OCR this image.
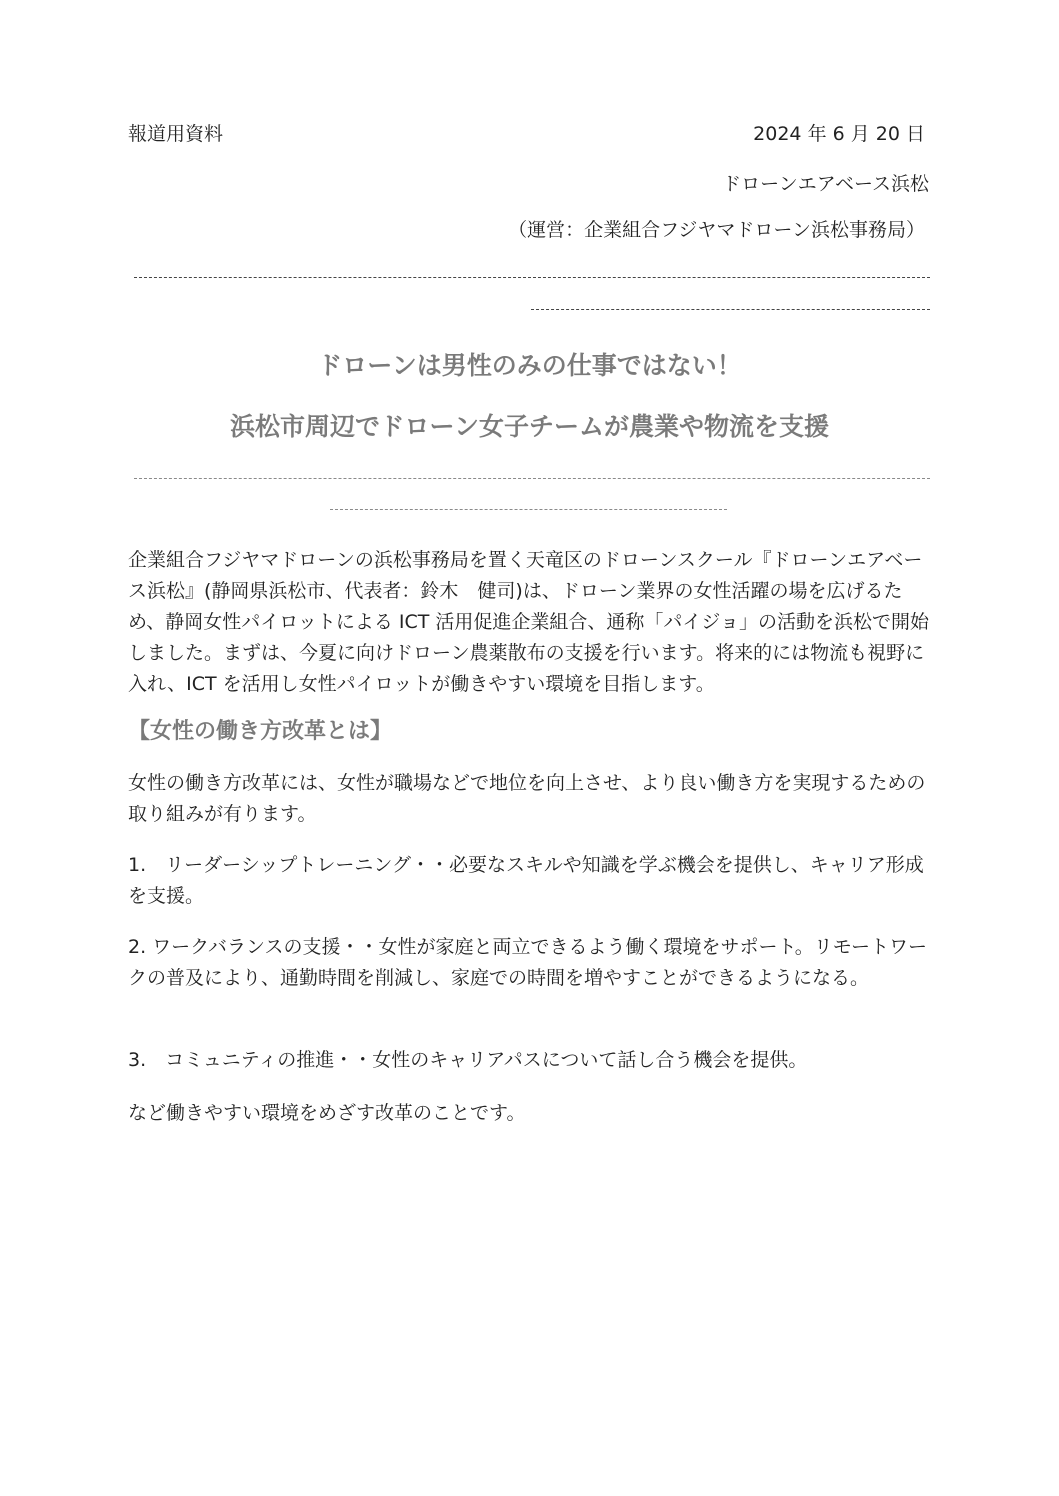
報道用資料	2024 年 6 月 20 日
ドローンエアベース浜松
（運営：企業組合フジヤマドローン浜松事務局）
ドローンは男性のみの仕事ではない！
浜松市周辺でドローン女子チームが農業や物流を支援
企業組合フジヤマドローンの浜松事務局を置く天竜区のドローンスクール『ドローンエアベース浜松』(静岡県浜松市、代表者：鈴木　健司)は、ドローン業界の女性活躍の場を広げるため、静岡女性パイロットによる ICT 活用促進企業組合、通称「パイジョ」の活動を浜松で開始しました。まずは、今夏に向けドローン農薬散布の支援を行います。将来的には物流も視野に入れ、ICT を活用し女性パイロットが働きやすい環境を目指します。
【女性の働き方改革とは】
女性の働き方改革には、女性が職場などで地位を向上させ、より良い働き方を実現するための取り組みが有ります。
1.　リーダーシップトレーニング・・必要なスキルや知識を学ぶ機会を提供し、キャリア形成を支援。
2. ワークバランスの支援・・女性が家庭と両立できるよう働く環境をサポート。リモートワークの普及により、通勤時間を削減し、家庭での時間を増やすことができるようになる。
3.　コミュニティの推進・・女性のキャリアパスについて話し合う機会を提供。
など働きやすい環境をめざす改革のことです。
